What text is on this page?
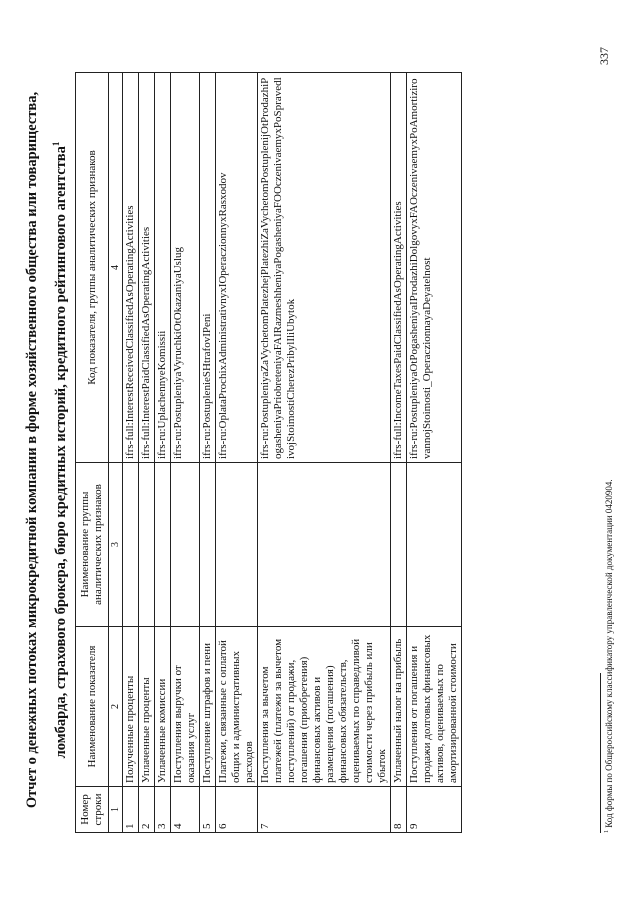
337
Отчет о денежных потоках микрокредитной компании в форме хозяйственного общества или товарищества, ломбарда, страхового брокера, бюро кредитных историй, кредитного рейтингового агентства$^1$
Номер строки	Наименование показателя	Наименование группы аналитических признаков	Код показателя, группы аналитических признаков
1	2	3	4
1	Полученные проценты		ifrs-full:InterestReceivedClassifiedAsOperatingActivities
2	Уплаченные проценты		ifrs-full:InterestPaidClassifiedAsOperatingActivities
3	Уплаченные комиссии		ifrs-ru:UplachennyeKomissii
4	Поступления выручки от оказания услуг		ifrs-ru:PostupleniyaVyruchkiOtOkazaniyaUslug
5	Поступление штрафов и пени		ifrs-ru:PostuplenieSHtrafovIPeni
6	Платежи, связанные с оплатой общих и административных расходов		ifrs-ru:OplataProchixAdministrativnyxIOperaczionnyxRasxodov
7	Поступления за вычетом платежей (платежи за вычетом поступлений) от продажи, погашения (приобретения) финансовых активов и размещения (погашения) финансовых обязательств, оцениваемых по справедливой стоимости через прибыль или убыток		ifrs-ru:PostupleniyaZaVychetomPlatezhejPlatezhiZaVychetomPostuplenijOtProdazhiPogasheniyaPriobreteniyaFAIRazmeshheniyaPogasheniyaFOOczenivaemyxPoSpravedlivojStoimostiCherezPribylIliUbytok
8	Уплаченный налог на прибыль		ifrs-full:IncomeTaxesPaidClassifiedAsOperatingActivities
9	Поступления от погашения и продажи долговых финансовых активов, оцениваемых по амортизированной стоимости		ifrs-ru:PostupleniyaOtPogasheniyaIProdazhiDolgovyxFAOczenivaemyxPoAmortizirovannojStoimosti_OperaczionnayaDeyatelnost
$^1$ Код формы по Общероссийскому классификатору управленческой документации 0420904.
